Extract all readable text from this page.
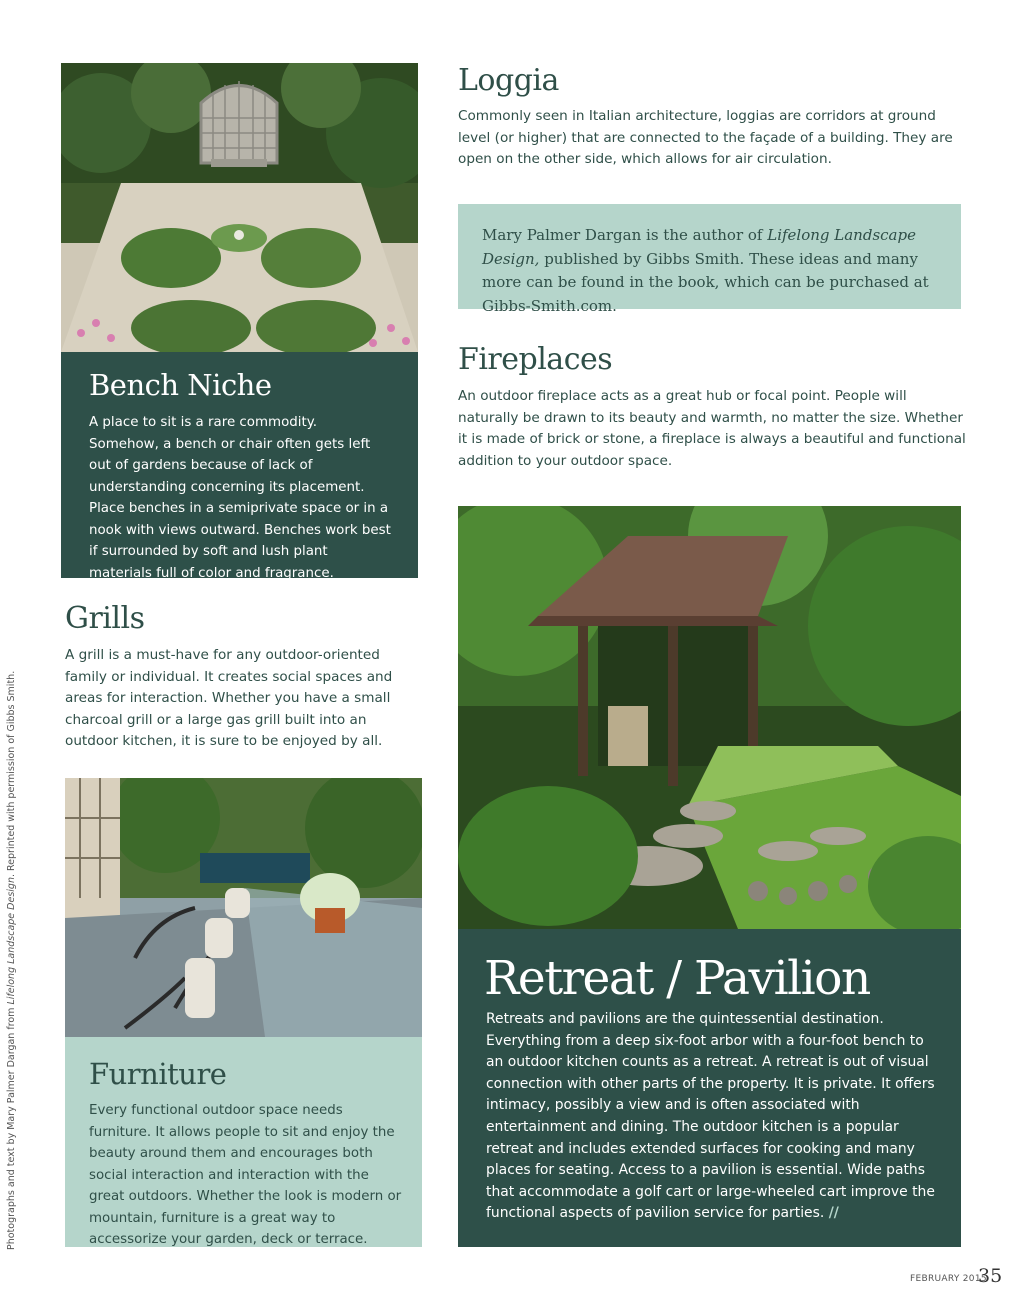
Bench Niche

A place to sit is a rare commodity. Somehow, a bench or chair often gets left out of gardens because of lack of understanding concerning its placement. Place benches in a semiprivate space or in a nook with views outward. Benches work best if surrounded by soft and lush plant materials full of color and fragrance.

Loggia

Commonly seen in Italian architecture, loggias are corridors at ground level (or higher) that are connected to the façade of a building. They are open on the other side, which allows for air circulation.

Mary Palmer Dargan is the author of Lifelong Landscape Design, published by Gibbs Smith. These ideas and many more can be found in the book, which can be purchased at Gibbs-Smith.com.

Fireplaces

An outdoor fireplace acts as a great hub or focal point. People will naturally be drawn to its beauty and warmth, no matter the size. Whether it is made of brick or stone, a fireplace is always a beautiful and functional addition to your outdoor space.

Grills

A grill is a must-have for any outdoor-oriented family or individual. It creates social spaces and areas for interaction. Whether you have a small charcoal grill or a large gas grill built into an outdoor kitchen, it is sure to be enjoyed by all.

Retreat / Pavilion

Retreats and pavilions are the quintessential destination. Everything from a deep six-foot arbor with a four-foot bench to an outdoor kitchen counts as a retreat. A retreat is out of visual connection with other parts of the property. It is private. It offers intimacy, possibly a view and is often associated with entertainment and dining. The outdoor kitchen is a popular retreat and includes extended surfaces for cooking and many places for seating. Access to a pavilion is essential. Wide paths that accommodate a golf cart or large-wheeled cart improve the functional aspects of pavilion service for parties. //

Furniture

Every functional outdoor space needs furniture. It allows people to sit and enjoy the beauty around them and encourages both social interaction and interaction with the great outdoors. Whether the look is modern or mountain, furniture is a great way to accessorize your garden, deck or terrace.

Photographs and text by Mary Palmer Dargan from Lifelong Landscape Design. Reprinted with permission of Gibbs Smith.
FEBRUARY 2015
35
